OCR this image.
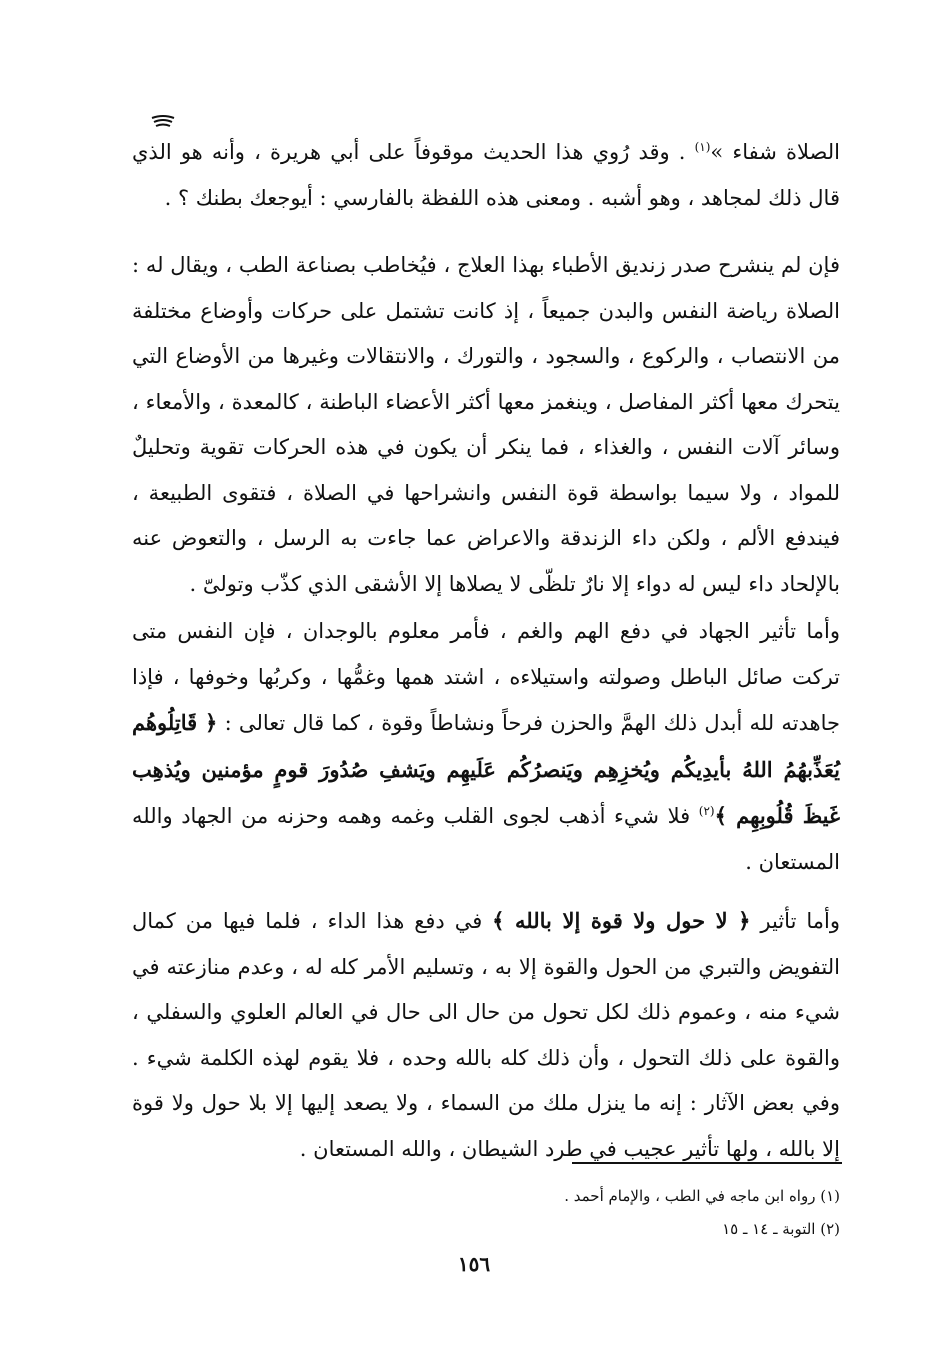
الصلاة شفاء »$^{(١)}$ . وقد رُوي هذا الحديث موقوفاً على أبي هريرة ، وأنه هو الذي قال ذلك لمجاهد ، وهو أشبه . ومعنى هذه اللفظة بالفارسي : أيوجعك بطنك ؟ .

فإن لم ينشرح صدر زنديق الأطباء بهذا العلاج ، فيُخاطب بصناعة الطب ، ويقال له : الصلاة رياضة النفس والبدن جميعاً ، إذ كانت تشتمل على حركات وأوضاع مختلفة من الانتصاب ، والركوع ، والسجود ، والتورك ، والانتقالات وغيرها من الأوضاع التي يتحرك معها أكثر المفاصل ، وينغمز معها أكثر الأعضاء الباطنة ، كالمعدة ، والأمعاء ، وسائر آلات النفس ، والغذاء ، فما ينكر أن يكون في هذه الحركات تقوية وتحليلٌ للمواد ، ولا سيما بواسطة قوة النفس وانشراحها في الصلاة ، فتقوى الطبيعة ، فيندفع الألم ، ولكن داء الزندقة والاعراض عما جاءت به الرسل ، والتعوض عنه بالإلحاد داء ليس له دواء إلا نارٌ تلظّى لا يصلاها إلا الأشقى الذي كذّب وتولىّ .

وأما تأثير الجهاد في دفع الهم والغم ، فأمر معلوم بالوجدان ، فإن النفس متى تركت صائل الباطل وصولته واستيلاءه ، اشتد همها وغمُّها ، وكربُها وخوفها ، فإذا جاهدته لله أبدل ذلك الهمَّ والحزن فرحاً ونشاطاً وقوة ، كما قال تعالى : ﴿ قَاتِلُوهُم يُعَذِّبهُمُ اللهُ بأيدِيكُم ويُخزِهِم ويَنصرُكُم عَلَيهِم ويَشفِ صُدُورَ قومٍ مؤمنين ويُذهِب غَيظَ قُلُوبِهِم ﴾$^{(٢)}$ فلا شيء أذهب لجوى القلب وغمه وهمه وحزنه من الجهاد والله المستعان .

وأما تأثير ﴿ لا حول ولا قوة إلا بالله ﴾ في دفع هذا الداء ، فلما فيها من كمال التفويض والتبري من الحول والقوة إلا به ، وتسليم الأمر كله له ، وعدم منازعته في شيء منه ، وعموم ذلك لكل تحول من حال الى حال في العالم العلوي والسفلي ، والقوة على ذلك التحول ، وأن ذلك كله بالله وحده ، فلا يقوم لهذه الكلمة شيء . وفي بعض الآثار : إنه ما ينزل ملك من السماء ، ولا يصعد إليها إلا بلا حول ولا قوة إلا بالله ، ولها تأثير عجيب في طرد الشيطان ، والله المستعان .

(١) رواه ابن ماجه في الطب ، والإمام أحمد .
(٢) التوبة ـ ١٤ ـ ١٥
١٥٦
